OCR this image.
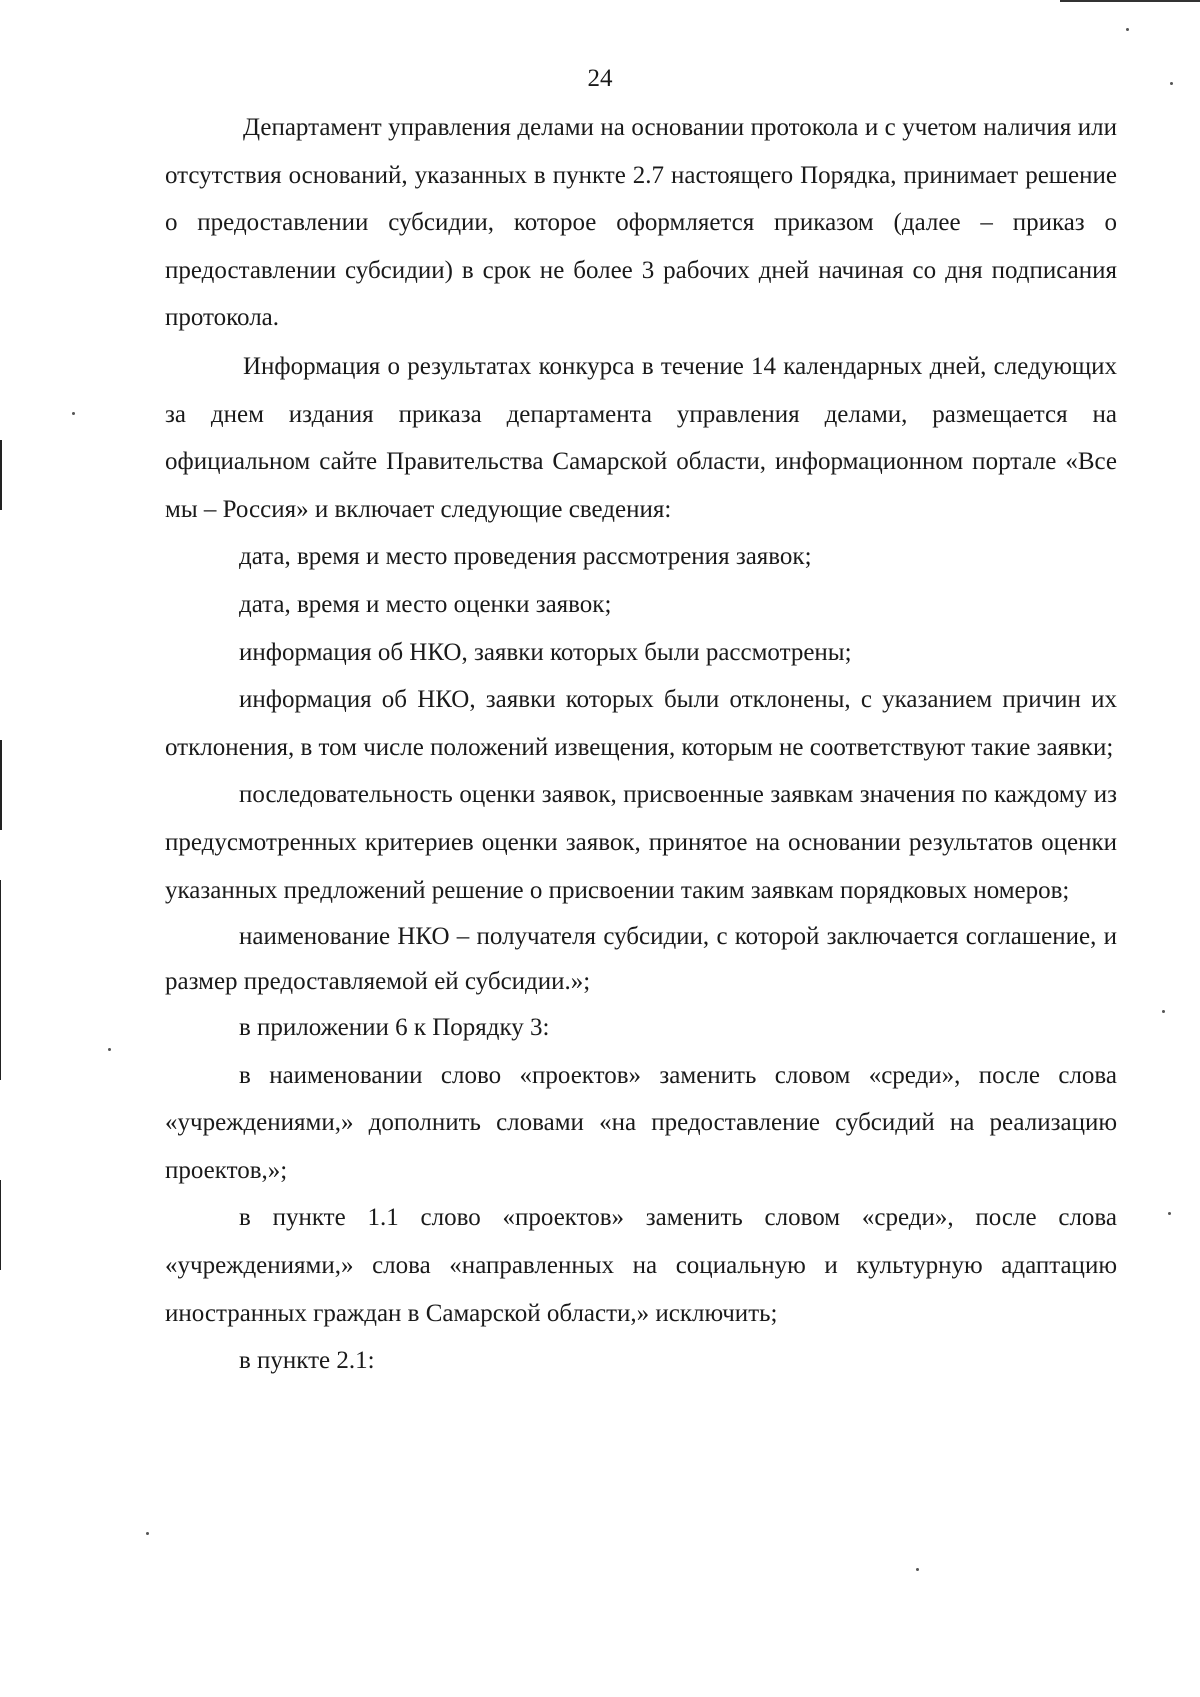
24

Департамент управления делами на основании протокола и с учетом наличия или отсутствия оснований, указанных в пункте 2.7 настоящего Порядка, принимает решение о предоставлении субсидии, которое оформляется приказом (далее – приказ о предоставлении субсидии) в срок не более 3 рабочих дней начиная со дня подписания протокола.

Информация о результатах конкурса в течение 14 календарных дней, следующих за днем издания приказа департамента управления делами, размещается на официальном сайте Правительства Самарской области, информационном портале «Все мы – Россия» и включает следующие сведения:

дата, время и место проведения рассмотрения заявок;

дата, время и место оценки заявок;

информация об НКО, заявки которых были рассмотрены;

информация об НКО, заявки которых были отклонены, с указанием причин их отклонения, в том числе положений извещения, которым не соответствуют такие заявки;

последовательность оценки заявок, присвоенные заявкам значения по каждому из предусмотренных критериев оценки заявок, принятое на основании результатов оценки указанных предложений решение о присвоении таким заявкам порядковых номеров;

наименование НКО – получателя субсидии, с которой заключается соглашение, и размер предоставляемой ей субсидии.»;

в приложении 6 к Порядку 3:

в наименовании слово «проектов» заменить словом «среди», после слова «учреждениями,» дополнить словами «на предоставление субсидий на реализацию проектов,»;

в пункте 1.1 слово «проектов» заменить словом «среди», после слова «учреждениями,» слова «направленных на социальную и культурную адаптацию иностранных граждан в Самарской области,» исключить;

в пункте 2.1:
